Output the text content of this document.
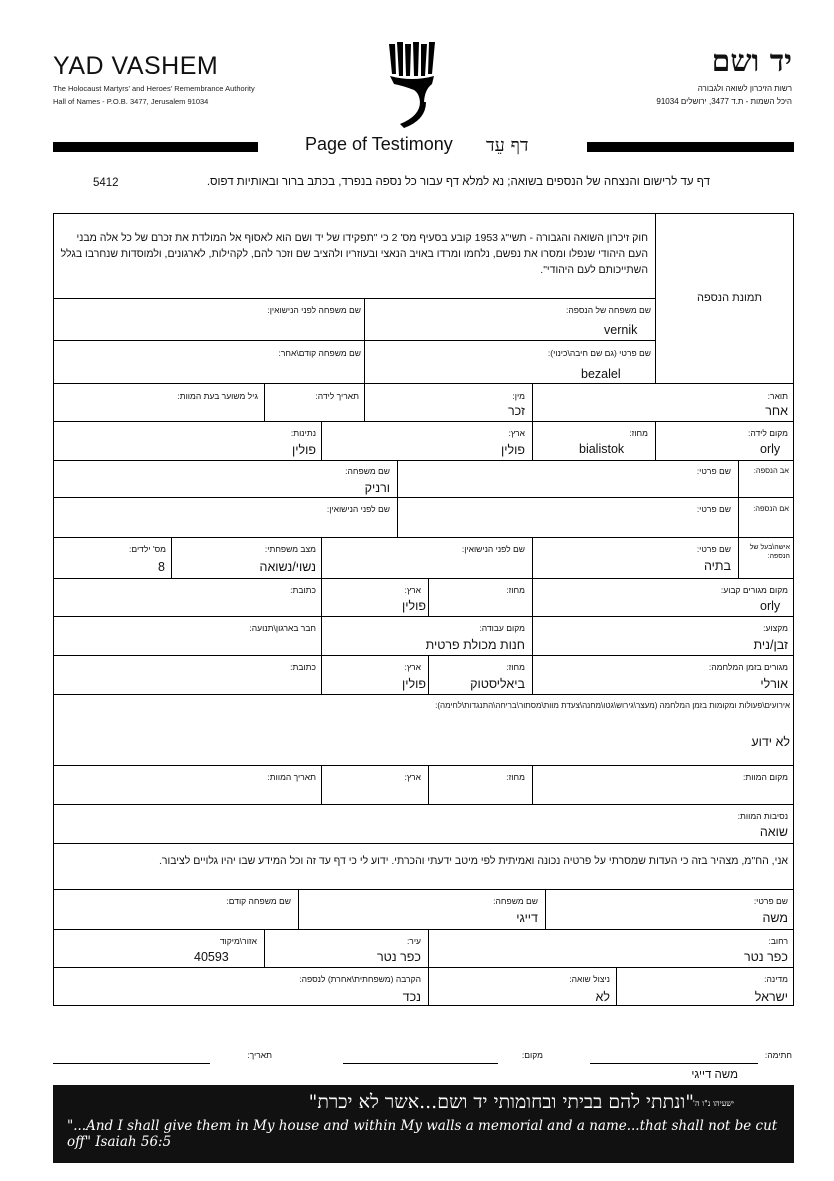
YAD VASHEM
The Holocaust Martyrs' and Heroes' Remembrance Authority
Hall of Names - P.O.B. 3477, Jerusalem 91034
יד ושם
רשות הזיכרון לשואה ולגבורה
היכל השמות - ת.ד 3477, ירושלים 91034
Page of Testimony דף עֵד
דף עד לרישום והנצחה של הנספים בשואה; נא למלא דף עבור כל נספה בנפרד, בכתב ברור ובאותיות דפוס.
5412
חוק זיכרון השואה והגבורה - תשי"ג 1953 קובע בסעיף מס' 2 כי "תפקידו של יד ושם הוא לאסוף אל המולדת את זכרם של כל אלה מבני העם היהודי שנפלו ומסרו את נפשם, נלחמו ומרדו באויב הנאצי ובעוזריו ולהציב שם וזכר להם, לקהילות, לארגונים, ולמוסדות שנחרבו בגלל השתייכותם לעם היהודי".
תמונת הנספה
שם משפחה של הנספה:
vernik
שם משפחה לפני הנישואין:
שם פרטי (גם שם חיבה\כינוי):
bezalel
שם משפחה קודם\אחר:
תואר:
אחר
מין:
זכר
תאריך לידה:
גיל משוער בעת המוות:
מקום לידה:
orly
מחוז:
bialistok
ארץ:
פולין
נתינות:
פולין
אב הנספה:
שם פרטי:
שם משפחה:
ורניק
אם הנספה:
שם פרטי:
שם לפני הנישואין:
אישה\בעל של הנספה:
שם פרטי:
בתיה
שם לפני הנישואין:
מצב משפחתי:
נשוי/נשואה
מס' ילדים:
8
מקום מגורים קבוע:
orly
מחוז:
ארץ:
פולין
כתובת:
מקצוע:
זבן/נית
מקום עבודה:
חנות מכולת פרטית
חבר בארגון\תנועה:
מגורים בזמן המלחמה:
אורלי
מחוז:
ביאליסטוק
ארץ:
פולין
כתובת:
אירועים\פעולות ומקומות בזמן המלחמה (מעצר\גירוש\גטו\מחנה\צעדת מוות\מסתור\בריחה\התנגדות\לחימה):
לא ידוע
מקום המוות:
מחוז:
ארץ:
תאריך המוות:
נסיבות המוות:
שואה
אני, הח"מ, מצהיר בזה כי העדות שמסרתי על פרטיה נכונה ואמיתית לפי מיטב ידעתי והכרתי. ידוע לי כי דף עד זה וכל המידע שבו יהיו גלויים לציבור.
שם פרטי:
משה
שם משפחה:
דייגי
שם משפחה קודם:
רחוב:
כפר נטר
עיר:
כפר נטר
אזור\מיקוד
40593
מדינה:
ישראל
ניצול שואה:
לא
הקרבה (משפחתית\אחרת) לנספה:
נכד
חתימה:
מקום:
תאריך:
משה דייגי
"ונתתי להם בביתי ובחומותי יד ושם...אשר לא יכרת"
ישעיהו נ"ו ה'
"...And I shall give them in My house and within My walls a memorial and a name...that shall not be cut off" Isaiah 56:5
